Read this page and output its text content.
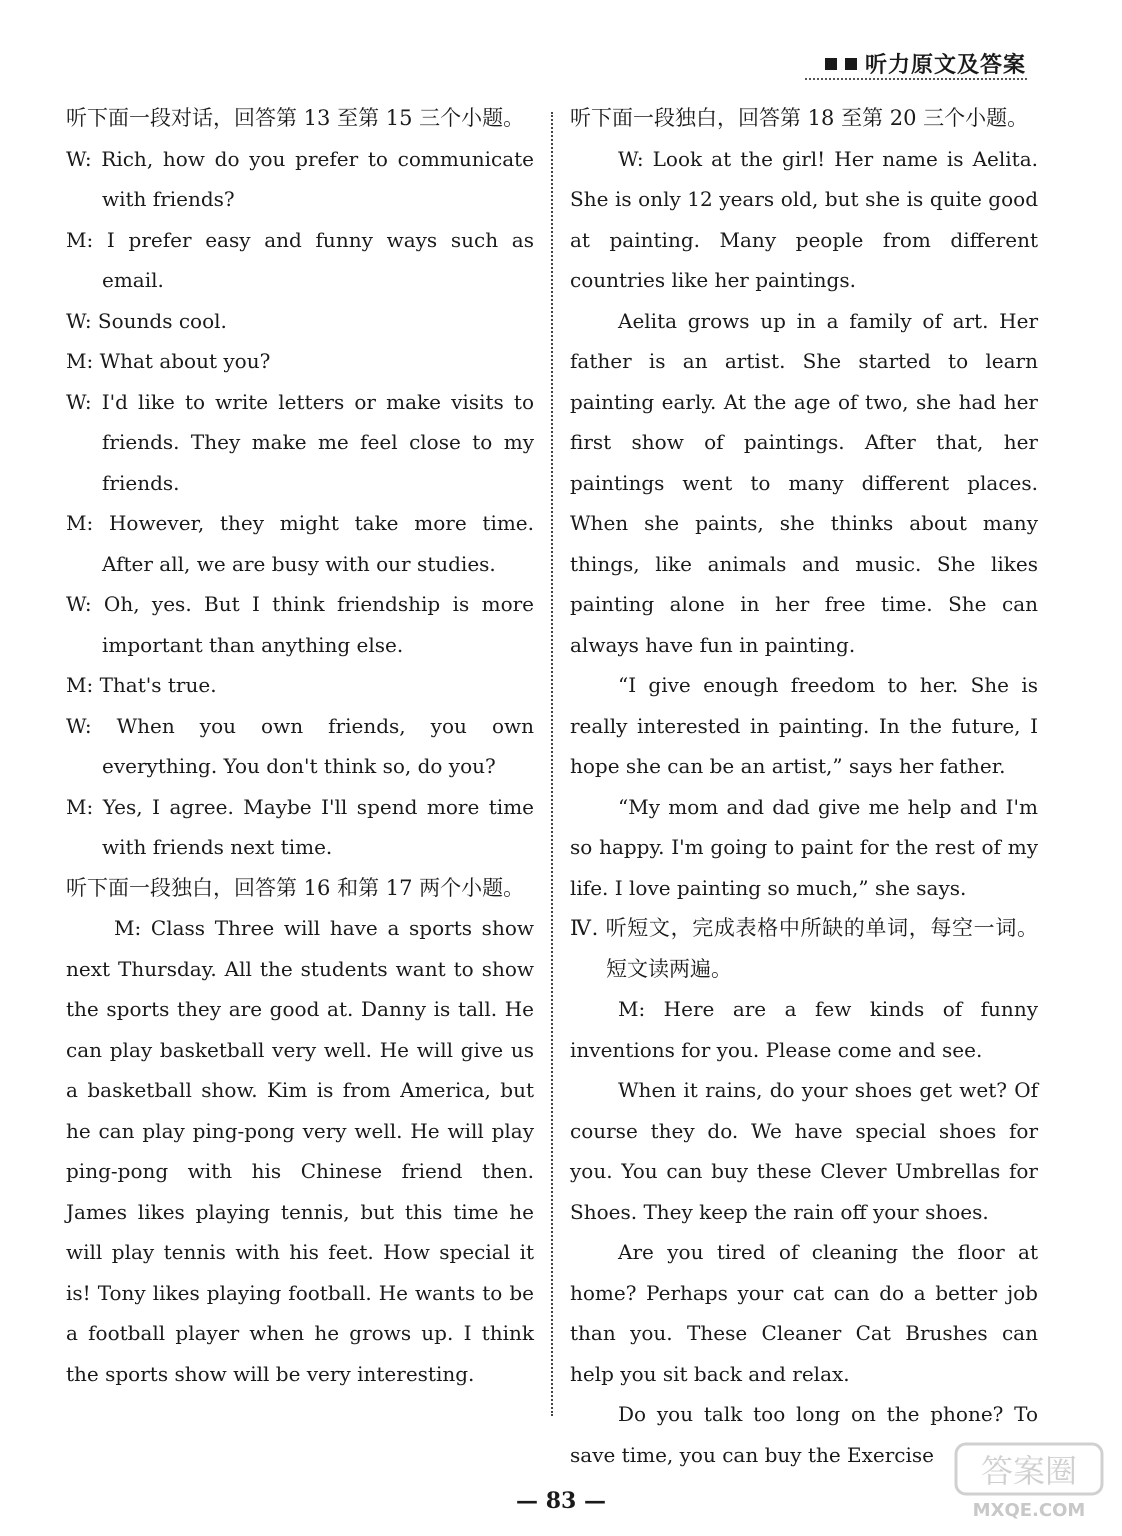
听力原文及答案

听下面一段对话，回答第 13 至第 15 三个小题。

W: Rich, how do you prefer to communicate with friends?

M: I prefer easy and funny ways such as email.

W: Sounds cool.

M: What about you?

W: I'd like to write letters or make visits to friends. They make me feel close to my friends.

M: However, they might take more time. After all, we are busy with our studies.

W: Oh, yes. But I think friendship is more important than anything else.

M: That's true.

W: When you own friends, you own everything. You don't think so, do you?

M: Yes, I agree. Maybe I'll spend more time with friends next time.

听下面一段独白，回答第 16 和第 17 两个小题。

M: Class Three will have a sports show next Thursday. All the students want to show the sports they are good at. Danny is tall. He can play basketball very well. He will give us a basketball show. Kim is from America, but he can play ping-pong very well. He will play ping-pong with his Chinese friend then. James likes playing tennis, but this time he will play tennis with his feet. How special it is! Tony likes playing football. He wants to be a football player when he grows up. I think the sports show will be very interesting.

听下面一段独白，回答第 18 至第 20 三个小题。

W: Look at the girl! Her name is Aelita. She is only 12 years old, but she is quite good at painting. Many people from different countries like her paintings.

Aelita grows up in a family of art. Her father is an artist. She started to learn painting early. At the age of two, she had her first show of paintings. After that, her paintings went to many different places. When she paints, she thinks about many things, like animals and music. She likes painting alone in her free time. She can always have fun in painting.

“I give enough freedom to her. She is really interested in painting. In the future, I hope she can be an artist,” says her father.

“My mom and dad give me help and I'm so happy. I'm going to paint for the rest of my life. I love painting so much,” she says.

Ⅳ. 听短文，完成表格中所缺的单词，每空一词。短文读两遍。

M: Here are a few kinds of funny inventions for you. Please come and see.

When it rains, do your shoes get wet? Of course they do. We have special shoes for you. You can buy these Clever Umbrellas for Shoes. They keep the rain off your shoes.

Are you tired of cleaning the floor at home? Perhaps your cat can do a better job than you. These Cleaner Cat Brushes can help you sit back and relax.

Do you talk too long on the phone? To save time, you can buy the Exercise

— 83 —
答案圈
MXQE.COM
